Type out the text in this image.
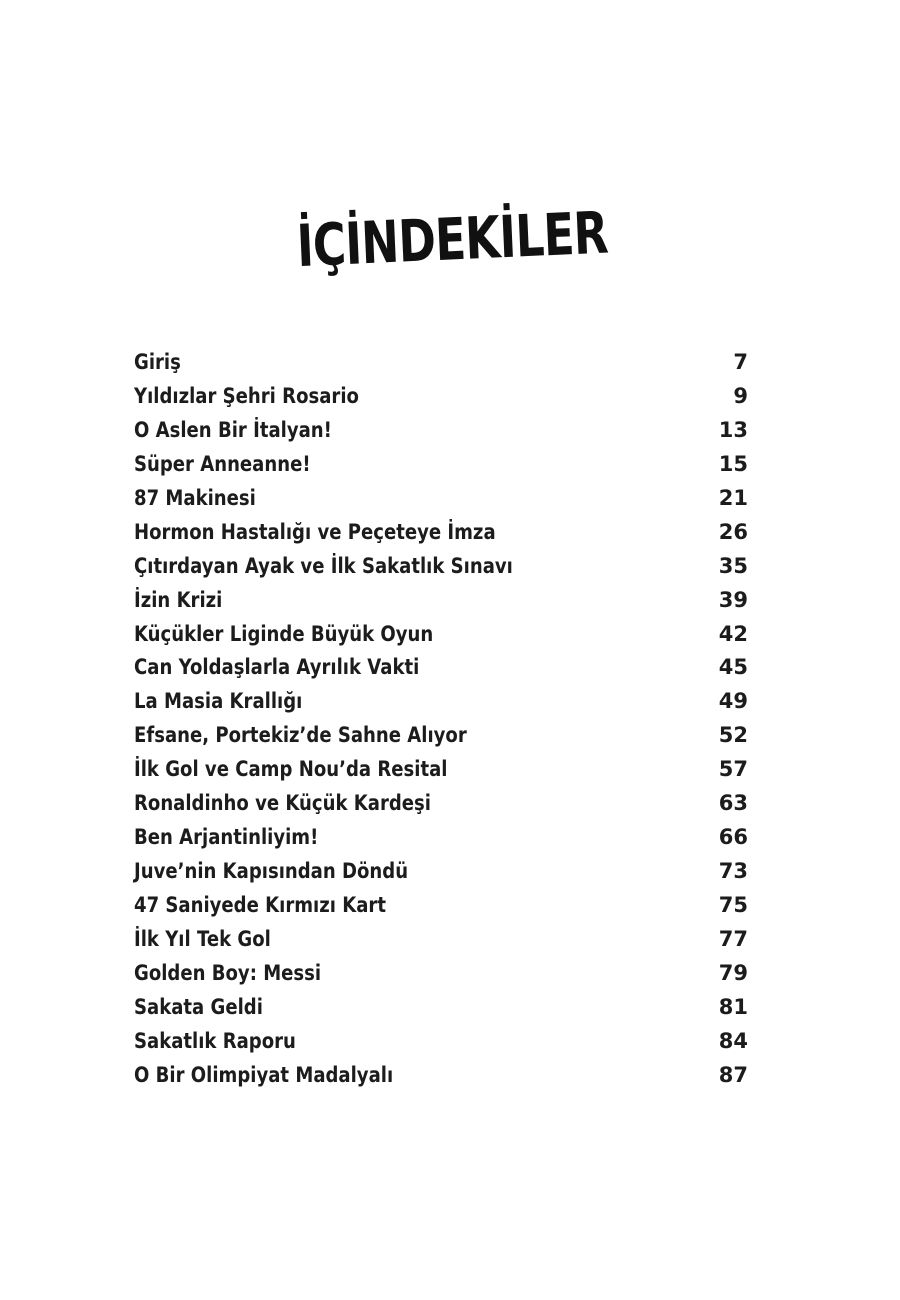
İÇİNDEKİLER
Giriş	7
Yıldızlar Şehri Rosario	9
O Aslen Bir İtalyan!	13
Süper Anneanne!	15
87 Makinesi	21
Hormon Hastalığı ve Peçeteye İmza	26
Çıtırdayan Ayak ve İlk Sakatlık Sınavı	35
İzin Krizi	39
Küçükler Liginde Büyük Oyun	42
Can Yoldaşlarla Ayrılık Vakti	45
La Masia Krallığı	49
Efsane, Portekiz’de Sahne Alıyor	52
İlk Gol ve Camp Nou’da Resital	57
Ronaldinho ve Küçük Kardeşi	63
Ben Arjantinliyim!	66
Juve’nin Kapısından Döndü	73
47 Saniyede Kırmızı Kart	75
İlk Yıl Tek Gol	77
Golden Boy: Messi	79
Sakata Geldi	81
Sakatlık Raporu	84
O Bir Olimpiyat Madalyalı	87
